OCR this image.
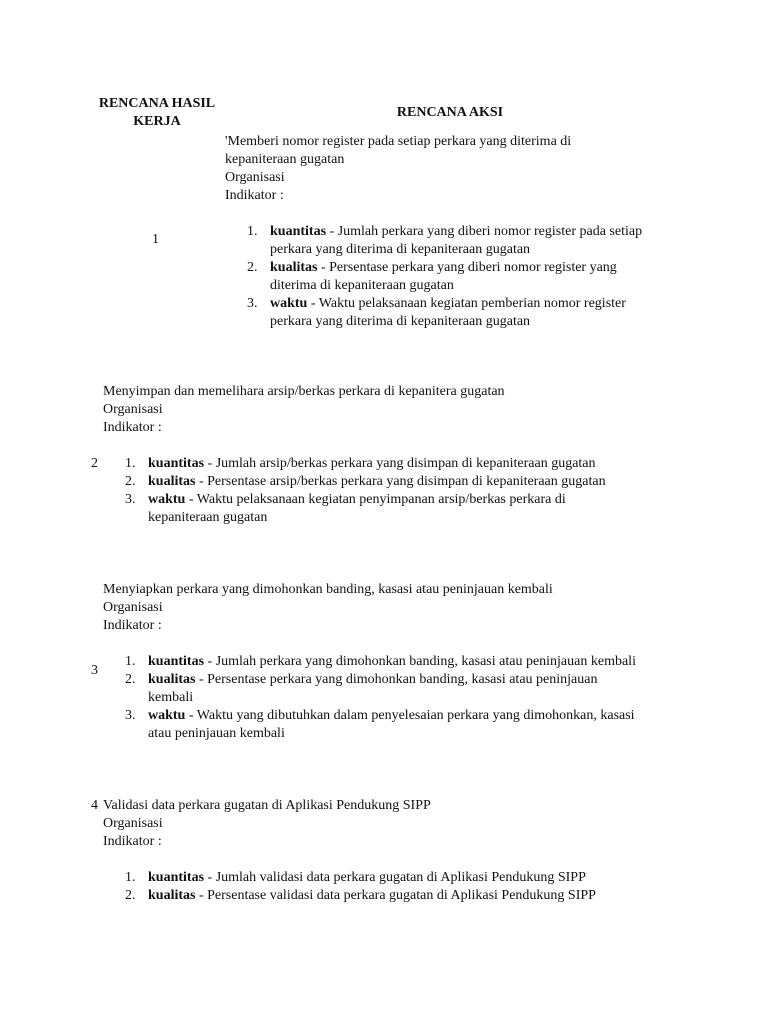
RENCANA HASIL
KERJA
RENCANA AKSI
1
'Memberi nomor register pada setiap perkara yang diterima di
kepaniteraan gugatan
Organisasi
Indikator :
1. kuantitas - Jumlah perkara yang diberi nomor register pada setiap
perkara yang diterima di kepaniteraan gugatan
2. kualitas - Persentase perkara yang diberi nomor register yang
diterima di kepaniteraan gugatan
3. waktu - Waktu pelaksanaan kegiatan pemberian nomor register
perkara yang diterima di kepaniteraan gugatan
2
Menyimpan dan memelihara arsip/berkas perkara di kepanitera gugatan
Organisasi
Indikator :
1. kuantitas - Jumlah arsip/berkas perkara yang disimpan di kepaniteraan gugatan
2. kualitas - Persentase arsip/berkas perkara yang disimpan di kepaniteraan gugatan
3. waktu - Waktu pelaksanaan kegiatan penyimpanan arsip/berkas perkara di
kepaniteraan gugatan
3
Menyiapkan perkara yang dimohonkan banding, kasasi atau peninjauan kembali
Organisasi
Indikator :
1. kuantitas - Jumlah perkara yang dimohonkan banding, kasasi atau peninjauan kembali
2. kualitas - Persentase perkara yang dimohonkan banding, kasasi atau peninjauan
kembali
3. waktu - Waktu yang dibutuhkan dalam penyelesaian perkara yang dimohonkan, kasasi
atau peninjauan kembali
4 Validasi data perkara gugatan di Aplikasi Pendukung SIPP
Organisasi
Indikator :
1. kuantitas - Jumlah validasi data perkara gugatan di Aplikasi Pendukung SIPP
2. kualitas - Persentase validasi data perkara gugatan di Aplikasi Pendukung SIPP
